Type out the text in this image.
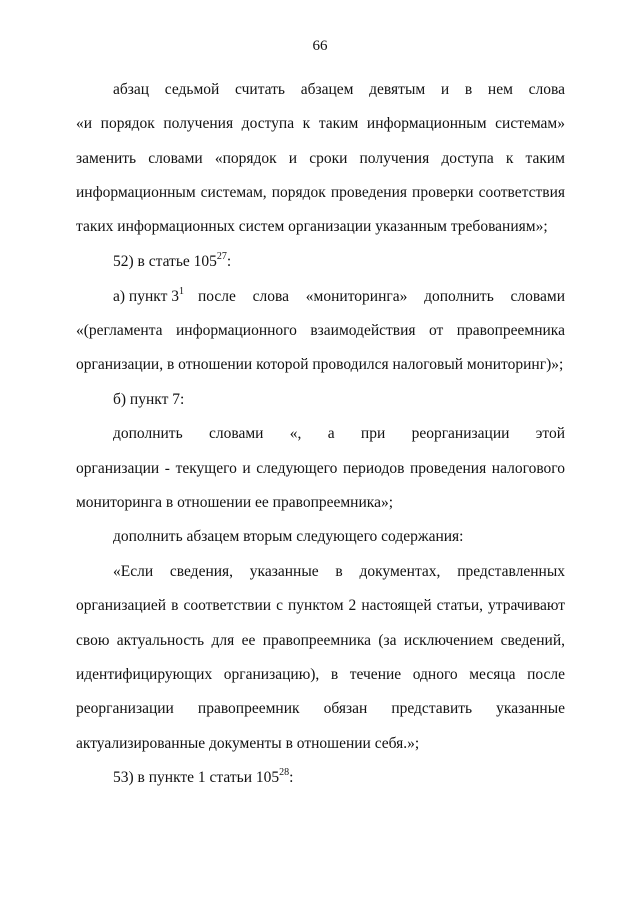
66
абзац седьмой считать абзацем девятым и в нем слова
«и порядок получения доступа к таким информационным системам»
заменить словами «порядок и сроки получения доступа к таким
информационным системам, порядок проведения проверки соответствия
таких информационных систем организации указанным требованиям»;
52) в статье $105^{27}$:
а) пункт $3^1$ после слова «мониторинга» дополнить словами
«(регламента информационного взаимодействия от правопреемника
организации, в отношении которой проводился налоговый мониторинг)»;
б) пункт 7:
дополнить словами «, а при реорганизации этой
организации - текущего и следующего периодов проведения налогового
мониторинга в отношении ее правопреемника»;
дополнить абзацем вторым следующего содержания:
«Если сведения, указанные в документах, представленных
организацией в соответствии с пунктом 2 настоящей статьи, утрачивают
свою актуальность для ее правопреемника (за исключением сведений,
идентифицирующих организацию), в течение одного месяца после
реорганизации правопреемник обязан представить указанные
актуализированные документы в отношении себя.»;
53) в пункте 1 статьи $105^{28}$:
